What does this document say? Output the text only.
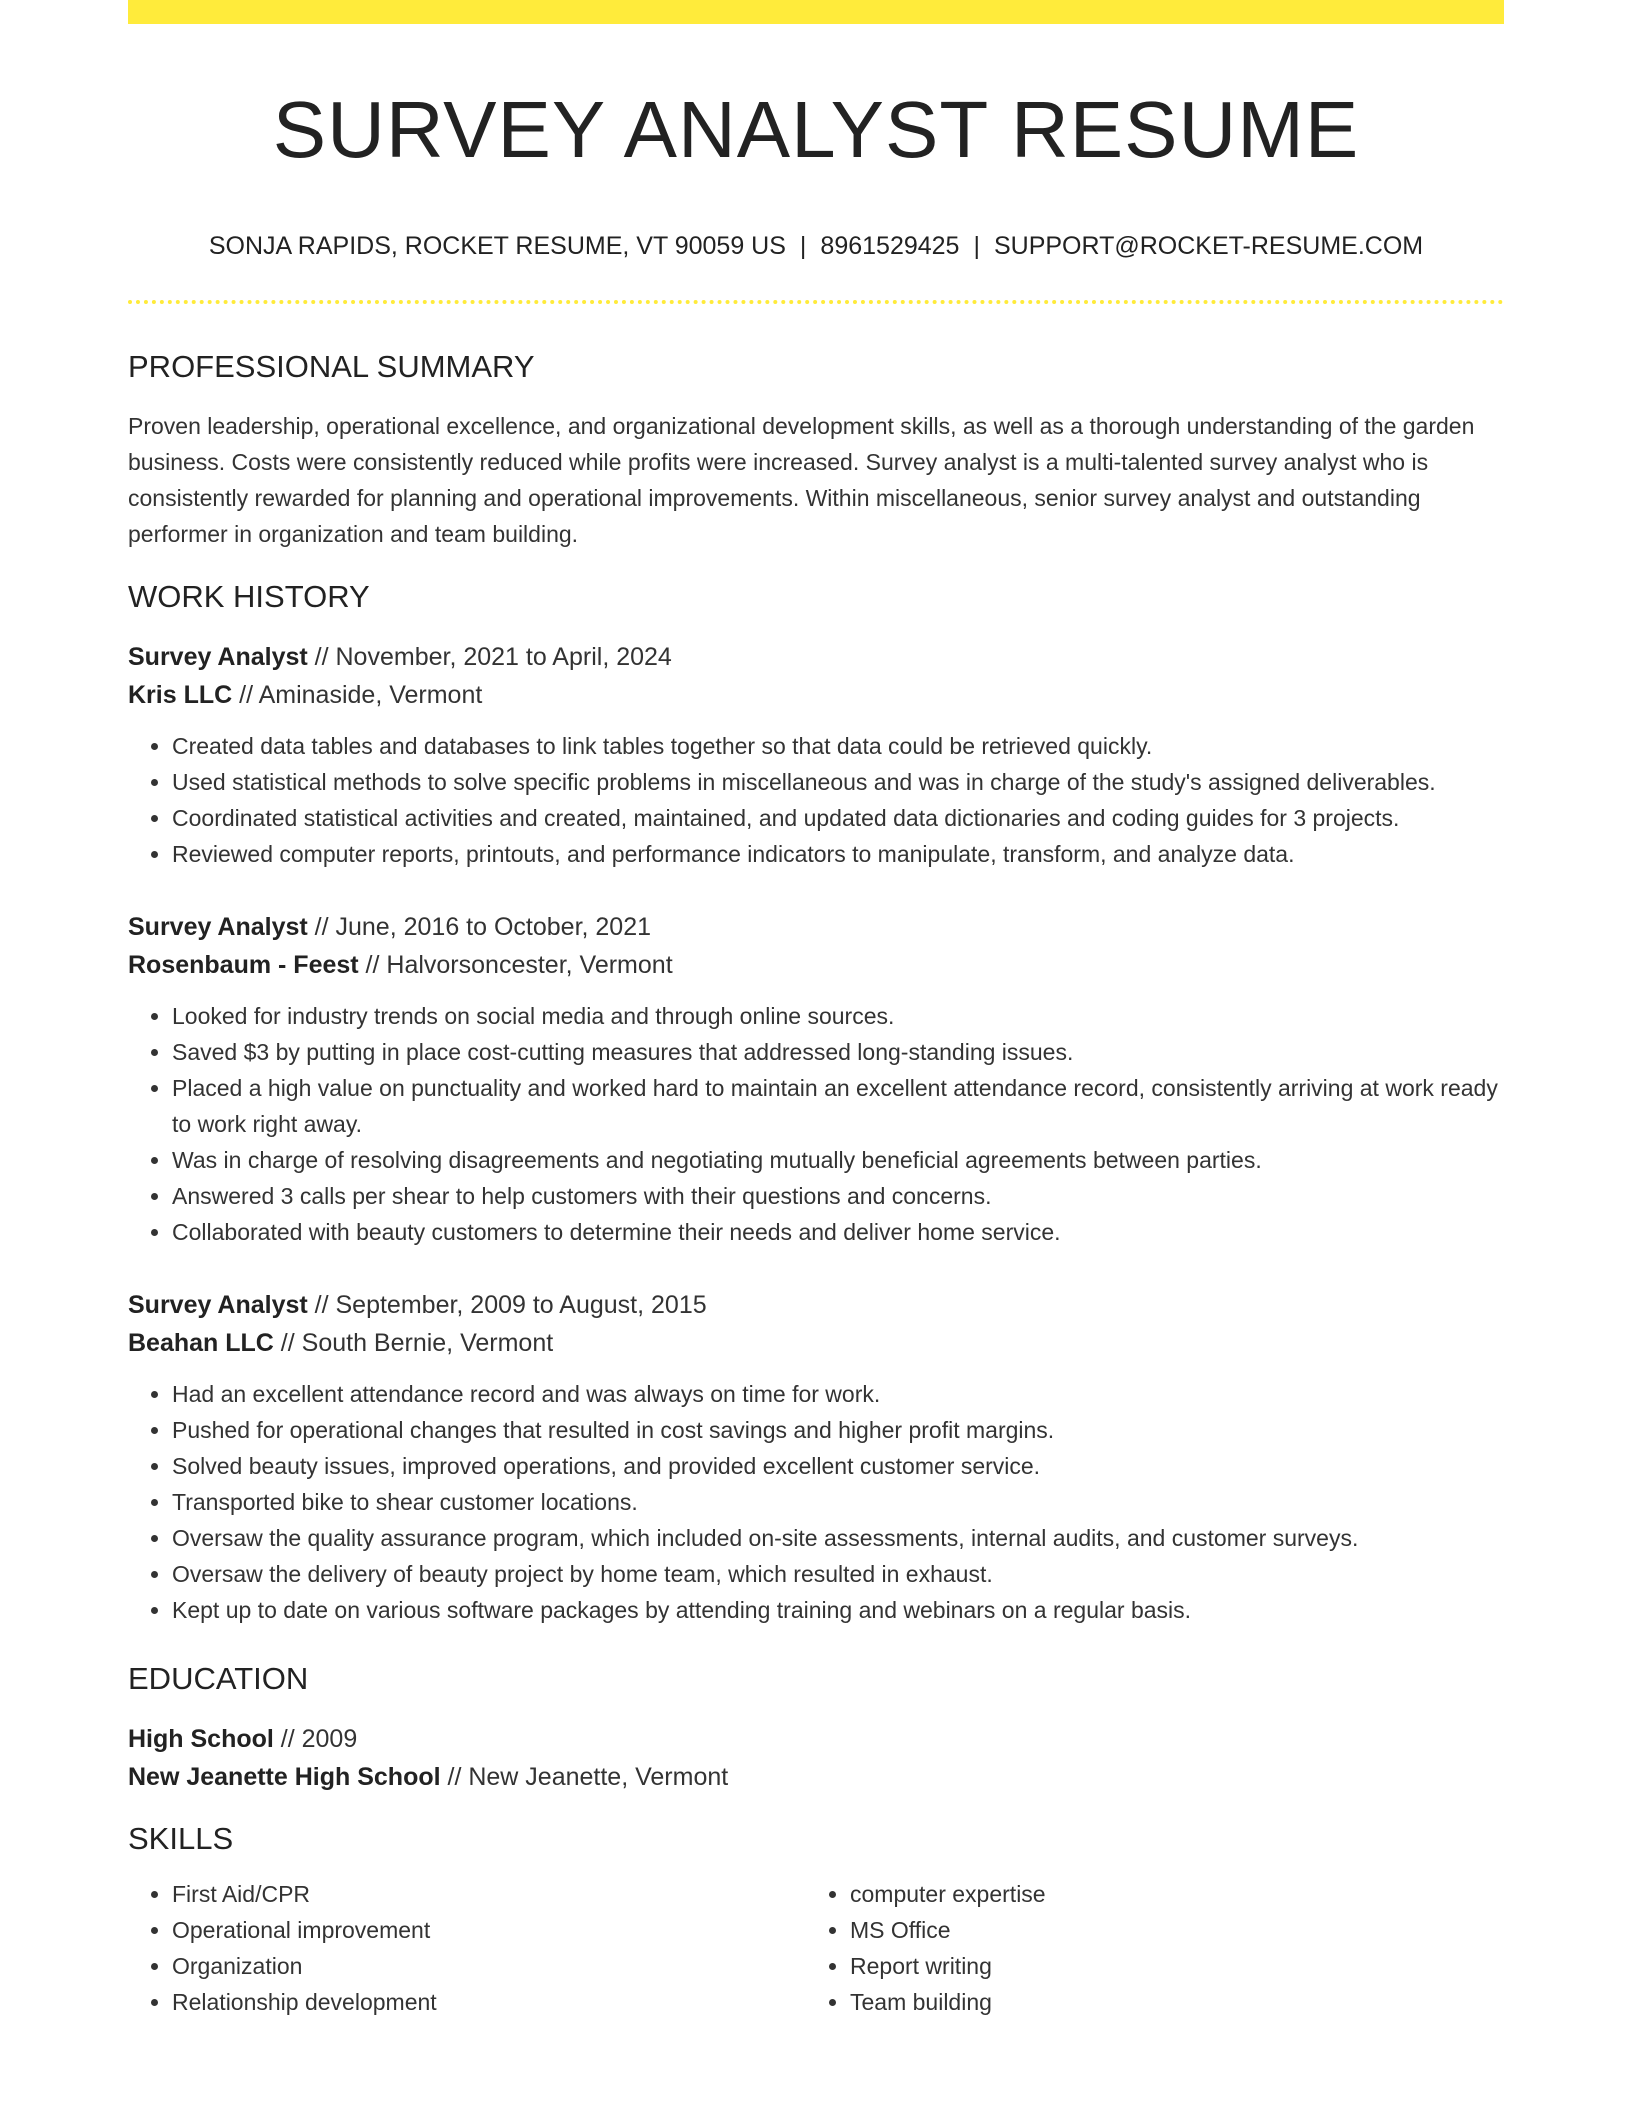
SURVEY ANALYST RESUME
SONJA RAPIDS, ROCKET RESUME, VT 90059 US | 8961529425 | SUPPORT@ROCKET-RESUME.COM
PROFESSIONAL SUMMARY

Proven leadership, operational excellence, and organizational development skills, as well as a thorough understanding of the garden business. Costs were consistently reduced while profits were increased. Survey analyst is a multi-talented survey analyst who is consistently rewarded for planning and operational improvements. Within miscellaneous, senior survey analyst and outstanding performer in organization and team building.

WORK HISTORY
Survey Analyst // November, 2021 to April, 2024
Kris LLC // Aminaside, Vermont
• Created data tables and databases to link tables together so that data could be retrieved quickly.
• Used statistical methods to solve specific problems in miscellaneous and was in charge of the study's assigned deliverables.
• Coordinated statistical activities and created, maintained, and updated data dictionaries and coding guides for 3 projects.
• Reviewed computer reports, printouts, and performance indicators to manipulate, transform, and analyze data.
Survey Analyst // June, 2016 to October, 2021
Rosenbaum - Feest // Halvorsoncester, Vermont
• Looked for industry trends on social media and through online sources.
• Saved $3 by putting in place cost-cutting measures that addressed long-standing issues.
• Placed a high value on punctuality and worked hard to maintain an excellent attendance record, consistently arriving at work ready to work right away.
• Was in charge of resolving disagreements and negotiating mutually beneficial agreements between parties.
• Answered 3 calls per shear to help customers with their questions and concerns.
• Collaborated with beauty customers to determine their needs and deliver home service.
Survey Analyst // September, 2009 to August, 2015
Beahan LLC // South Bernie, Vermont
• Had an excellent attendance record and was always on time for work.
• Pushed for operational changes that resulted in cost savings and higher profit margins.
• Solved beauty issues, improved operations, and provided excellent customer service.
• Transported bike to shear customer locations.
• Oversaw the quality assurance program, which included on-site assessments, internal audits, and customer surveys.
• Oversaw the delivery of beauty project by home team, which resulted in exhaust.
• Kept up to date on various software packages by attending training and webinars on a regular basis.
EDUCATION
High School // 2009
New Jeanette High School // New Jeanette, Vermont
SKILLS
• First Aid/CPR
• Operational improvement
• Organization
• Relationship development
• computer expertise
• MS Office
• Report writing
• Team building
